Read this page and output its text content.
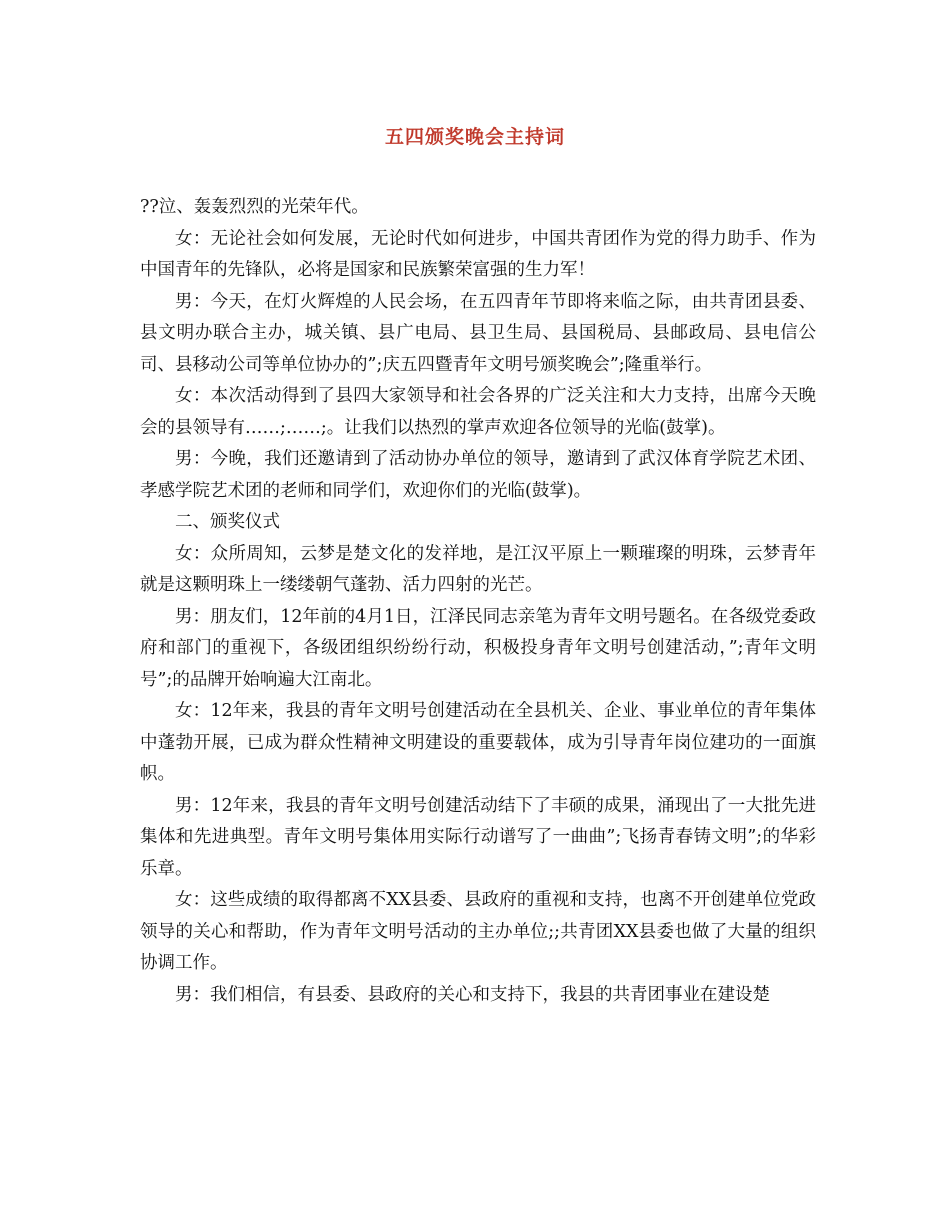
五四颁奖晚会主持词

??泣、轰轰烈烈的光荣年代。

女：无论社会如何发展，无论时代如何进步，中国共青团作为党的得力助手、作为中国青年的先锋队，必将是国家和民族繁荣富强的生力军！

男：今天，在灯火辉煌的人民会场，在五四青年节即将来临之际，由共青团县委、县文明办联合主办，城关镇、县广电局、县卫生局、县国税局、县邮政局、县电信公司、县移动公司等单位协办的”;庆五四暨青年文明号颁奖晚会”;隆重举行。

女：本次活动得到了县四大家领导和社会各界的广泛关注和大力支持，出席今天晚会的县领导有……;……;。让我们以热烈的掌声欢迎各位领导的光临(鼓掌)。

男：今晚，我们还邀请到了活动协办单位的领导，邀请到了武汉体育学院艺术团、孝感学院艺术团的老师和同学们，欢迎你们的光临(鼓掌)。

二、颁奖仪式

女：众所周知，云梦是楚文化的发祥地，是江汉平原上一颗璀璨的明珠，云梦青年就是这颗明珠上一缕缕朝气蓬勃、活力四射的光芒。

男：朋友们，12年前的4月1日，江泽民同志亲笔为青年文明号题名。在各级党委政府和部门的重视下，各级团组织纷纷行动，积极投身青年文明号创建活动，”;青年文明号”;的品牌开始响遍大江南北。

女：12年来，我县的青年文明号创建活动在全县机关、企业、事业单位的青年集体中蓬勃开展，已成为群众性精神文明建设的重要载体，成为引导青年岗位建功的一面旗帜。

男：12年来，我县的青年文明号创建活动结下了丰硕的成果，涌现出了一大批先进集体和先进典型。青年文明号集体用实际行动谱写了一曲曲”;飞扬青春铸文明”;的华彩乐章。

女：这些成绩的取得都离不XX县委、县政府的重视和支持，也离不开创建单位党政领导的关心和帮助，作为青年文明号活动的主办单位;;共青团XX县委也做了大量的组织协调工作。

男：我们相信，有县委、县政府的关心和支持下，我县的共青团事业在建设楚
